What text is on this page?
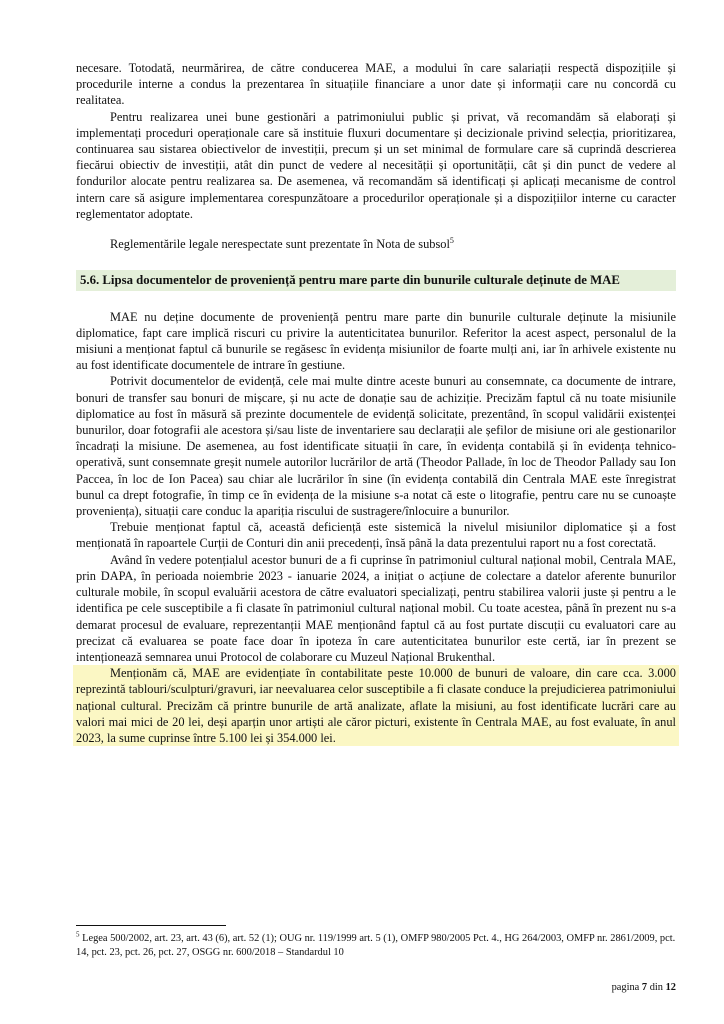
necesare. Totodată, neurmărirea, de către conducerea MAE, a modului în care salariații respectă dispozițiile și procedurile interne a condus la prezentarea în situațiile financiare a unor date și informații care nu concordă cu realitatea.

Pentru realizarea unei bune gestionări a patrimoniului public și privat, vă recomandăm să elaborați și implementați proceduri operaționale care să instituie fluxuri documentare și decizionale privind selecția, prioritizarea, continuarea sau sistarea obiectivelor de investiții, precum și un set minimal de formulare care să cuprindă descrierea fiecărui obiectiv de investiții, atât din punct de vedere al necesității și oportunității, cât și din punct de vedere al fondurilor alocate pentru realizarea sa. De asemenea, vă recomandăm să identificați și aplicați mecanisme de control intern care să asigure implementarea corespunzătoare a procedurilor operaționale și a dispozițiilor interne cu caracter reglementator adoptate.

Reglementările legale nerespectate sunt prezentate în Nota de subsol$^5$

5.6. Lipsa documentelor de proveniență pentru mare parte din bunurile culturale deținute de MAE

MAE nu deține documente de proveniență pentru mare parte din bunurile culturale deținute la misiunile diplomatice, fapt care implică riscuri cu privire la autenticitatea bunurilor. Referitor la acest aspect, personalul de la misiuni a menționat faptul că bunurile se regăsesc în evidența misiunilor de foarte mulți ani, iar în arhivele existente nu au fost identificate documentele de intrare în gestiune.

Potrivit documentelor de evidență, cele mai multe dintre aceste bunuri au consemnate, ca documente de intrare, bonuri de transfer sau bonuri de mișcare, și nu acte de donație sau de achiziție. Precizăm faptul că nu toate misiunile diplomatice au fost în măsură să prezinte documentele de evidență solicitate, prezentând, în scopul validării existenței bunurilor, doar fotografii ale acestora și/sau liste de inventariere sau declarații ale șefilor de misiune ori ale gestionarilor încadrați la misiune. De asemenea, au fost identificate situații în care, în evidența contabilă și în evidența tehnico-operativă, sunt consemnate greșit numele autorilor lucrărilor de artă (Theodor Pallade, în loc de Theodor Pallady sau Ion Paccea, în loc de Ion Pacea) sau chiar ale lucrărilor în sine (în evidența contabilă din Centrala MAE este înregistrat bunul ca drept fotografie, în timp ce în evidența de la misiune s-a notat că este o litografie, pentru care nu se cunoaște proveniența), situații care conduc la apariția riscului de sustragere/înlocuire a bunurilor.

Trebuie menționat faptul că, această deficiență este sistemică la nivelul misiunilor diplomatice și a fost menționată în rapoartele Curții de Conturi din anii precedenți, însă până la data prezentului raport nu a fost corectată.

Având în vedere potențialul acestor bunuri de a fi cuprinse în patrimoniul cultural național mobil, Centrala MAE, prin DAPA, în perioada noiembrie 2023 - ianuarie 2024, a inițiat o acțiune de colectare a datelor aferente bunurilor culturale mobile, în scopul evaluării acestora de către evaluatori specializați, pentru stabilirea valorii juste și pentru a le identifica pe cele susceptibile a fi clasate în patrimoniul cultural național mobil. Cu toate acestea, până în prezent nu s-a demarat procesul de evaluare, reprezentanții MAE menționând faptul că au fost purtate discuții cu evaluatori care au precizat că evaluarea se poate face doar în ipoteza în care autenticitatea bunurilor este certă, iar în prezent se intenționează semnarea unui Protocol de colaborare cu Muzeul Național Brukenthal.

Menționăm că, MAE are evidențiate în contabilitate peste 10.000 de bunuri de valoare, din care cca. 3.000 reprezintă tablouri/sculpturi/gravuri, iar neevaluarea celor susceptibile a fi clasate conduce la prejudicierea patrimoniului național cultural. Precizăm că printre bunurile de artă analizate, aflate la misiuni, au fost identificate lucrări care au valori mai mici de 20 lei, deși aparțin unor artiști ale căror picturi, existente în Centrala MAE, au fost evaluate, în anul 2023, la sume cuprinse între 5.100 lei și 354.000 lei.

$^5$ Legea 500/2002, art. 23, art. 43 (6), art. 52 (1); OUG nr. 119/1999 art. 5 (1), OMFP 980/2005 Pct. 4., HG 264/2003, OMFP nr. 2861/2009, pct. 14, pct. 23, pct. 26, pct. 27, OSGG nr. 600/2018 – Standardul 10

pagina 7 din 12
